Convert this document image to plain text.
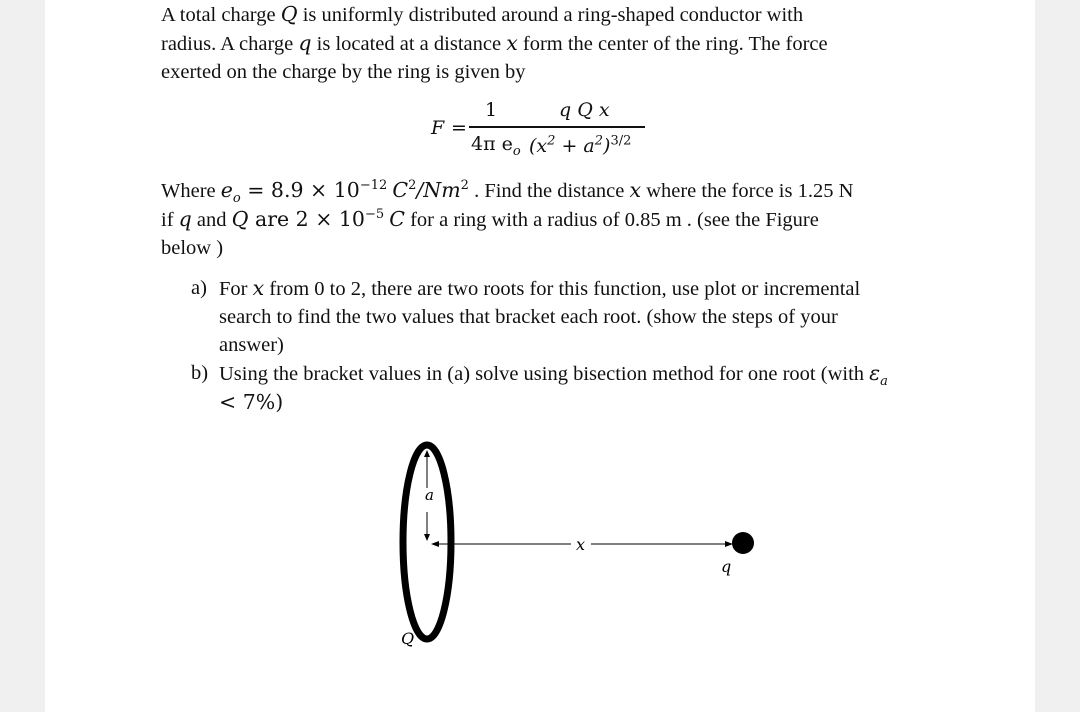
A total charge Q is uniformly distributed around a ring-shaped conductor with
radius. A charge q is located at a distance x form the center of the ring. The force
exerted on the charge by the ring is given by

F =
1	q Q x
4π $e_o$ $(x^2 + a^2)^{3/2}$

Where $e_o = 8.9 \times 10^{-12}$ $C^2/Nm^2$ . Find the distance x where the force is 1.25 N
if q and Q are $2 \times 10^{-5}$ C for a ring with a radius of 0.85 m . (see the Figure
below )

a) For x from 0 to 2, there are two roots for this function, use plot or incremental search to find the two values that bracket each root. (show the steps of your answer)
b) Using the bracket values in (a) solve using bisection method for one root (with $\varepsilon_a < 7\%$)
a
x
q
Q
